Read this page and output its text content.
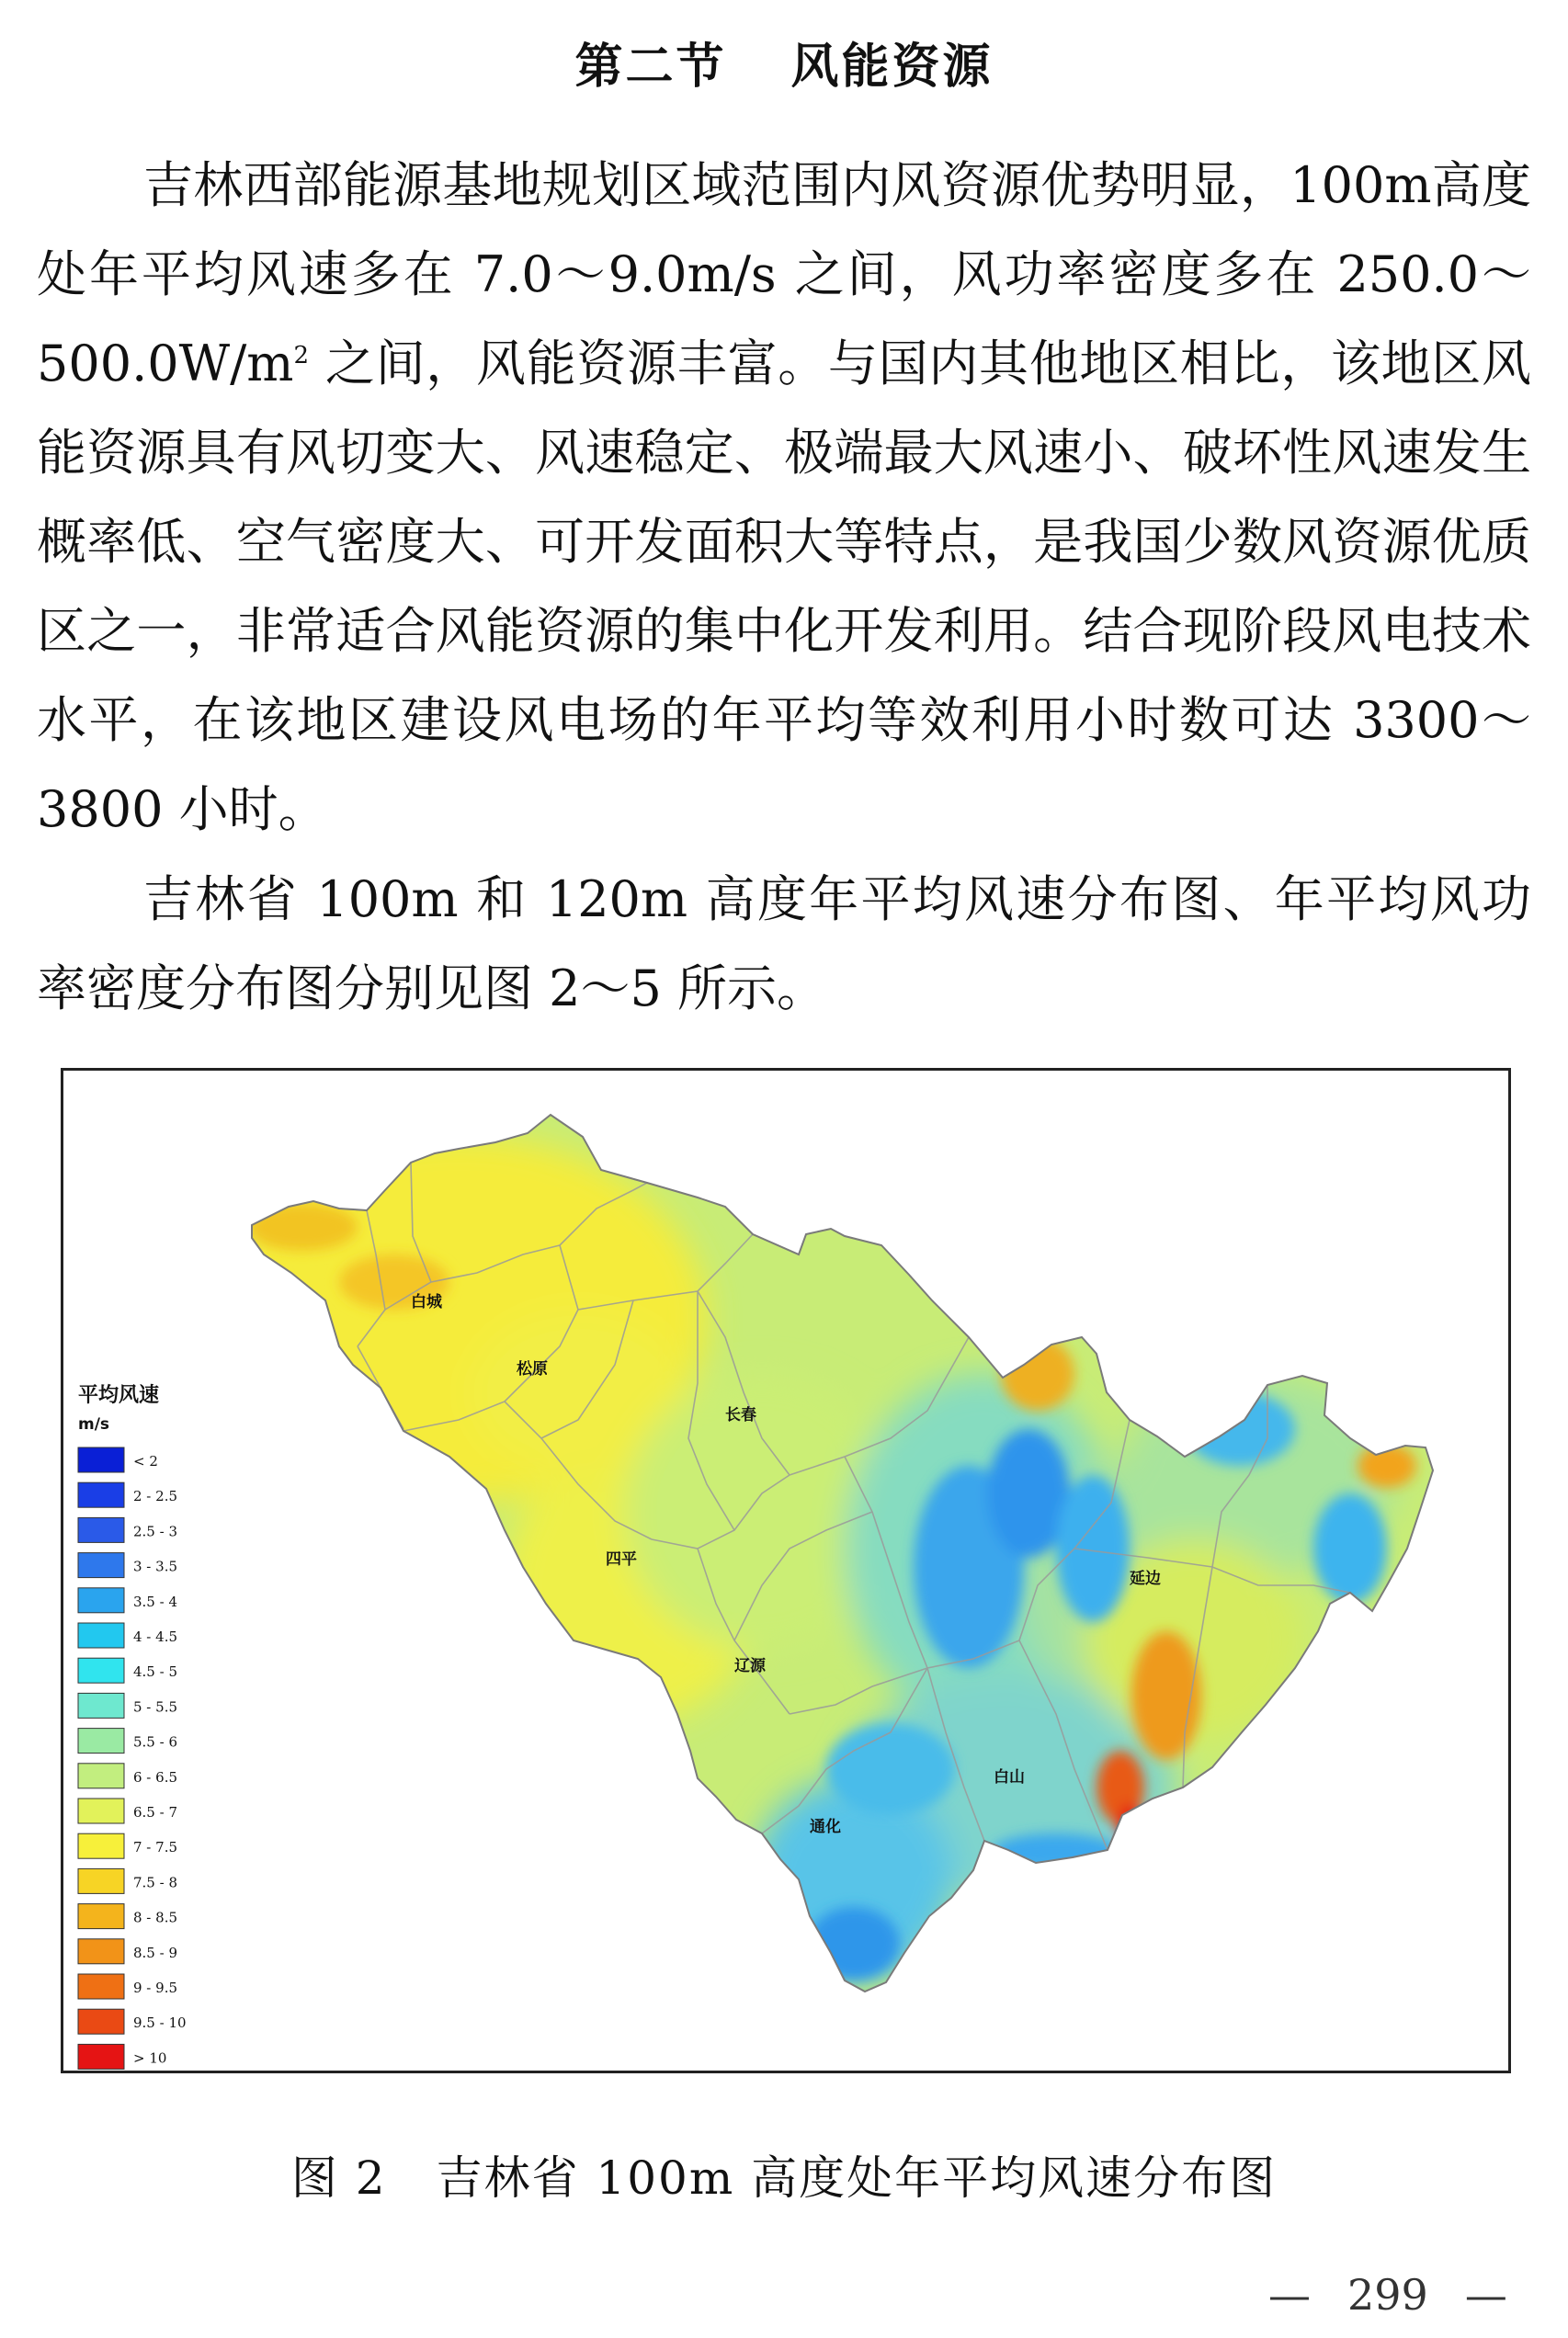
第二节 风能资源

吉林西部能源基地规划区域范围内风资源优势明显，100m高度处年平均风速多在 7.0～9.0m/s 之间，风功率密度多在 $250.0\sim 500.0W/m^2$ 之间，风能资源丰富。与国内其他地区相比，该地区风能资源具有风切变大、风速稳定、极端最大风速小、破坏性风速发生概率低、空气密度大、可开发面积大等特点，是我国少数风资源优质区之一，非常适合风能资源的集中化开发利用。结合现阶段风电技术水平，在该地区建设风电场的年平均等效利用小时数可达 3300～3800 小时。

吉林省 100m 和 120m 高度年平均风速分布图、年平均风功率密度分布图分别见图 2～5 所示。

白城
松原
长春
四平
辽源
延边
白山
通化
平均风速
m/s
< 2
2 - 2.5
2.5 - 3
3 - 3.5
3.5 - 4
4 - 4.5
4.5 - 5
5 - 5.5
5.5 - 6
6 - 6.5
6.5 - 7
7 - 7.5
7.5 - 8
8 - 8.5
8.5 - 9
9 - 9.5
9.5 - 10
> 10
图 2 吉林省 100m 高度处年平均风速分布图
— 299 —
